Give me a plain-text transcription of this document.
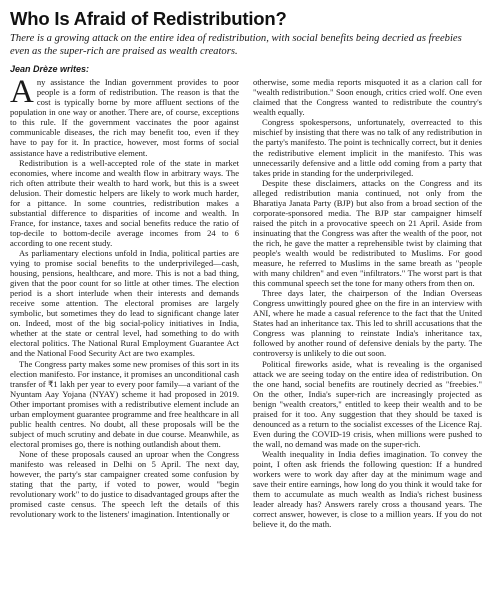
Who Is Afraid of Redistribution?

There is a growing attack on the entire idea of redistribution, with social benefits being decried as freebies even as the super-rich are praised as wealth creators.

Jean Drèze writes:

Any assistance the Indian government provides to poor people is a form of redistribution. The reason is that the cost is typically borne by more affluent sections of the population in one way or another. There are, of course, exceptions to this rule. If the government vaccinates the poor against communicable diseases, the rich may benefit too, even if they have to pay for it. In practice, however, most forms of social assistance have a redistributive element.

Redistribution is a well-accepted role of the state in market economies, where income and wealth flow in arbitrary ways. The rich often attribute their wealth to hard work, but this is a sweet delusion. Their domestic helpers are likely to work much harder, for a pittance. In some countries, redistribution makes a substantial difference to disparities of income and wealth. In France, for instance, taxes and social benefits reduce the ratio of top-decile to bottom-decile average incomes from 24 to 6 according to one recent study.

As parliamentary elections unfold in India, political parties are vying to promise social benefits to the underprivileged—cash, housing, pensions, healthcare, and more. This is not a bad thing, given that the poor count for so little at other times. The election period is a short interlude when their interests and demands receive some attention. The electoral promises are largely symbolic, but sometimes they do lead to significant change later on. Indeed, most of the big social-policy initiatives in India, whether at the state or central level, had something to do with electoral politics. The National Rural Employment Guarantee Act and the National Food Security Act are two examples.

The Congress party makes some new promises of this sort in its election manifesto. For instance, it promises an unconditional cash transfer of ₹1 lakh per year to every poor family—a variant of the Nyuntam Aay Yojana (NYAY) scheme it had proposed in 2019. Other important promises with a redistributive element include an urban employment guarantee programme and free healthcare in all public health centres. No doubt, all these proposals will be the subject of much scrutiny and debate in due course. Meanwhile, as electoral promises go, there is nothing outlandish about them.

None of these proposals caused an uproar when the Congress manifesto was released in Delhi on 5 April. The next day, however, the party's star campaigner created some confusion by stating that the party, if voted to power, would "begin revolutionary work" to do justice to disadvantaged groups after the promised caste census. The speech left the details of this revolutionary work to the listeners' imagination. Intentionally or

otherwise, some media reports misquoted it as a clarion call for "wealth redistribution." Soon enough, critics cried wolf. One even claimed that the Congress wanted to redistribute the country's wealth equally.

Congress spokespersons, unfortunately, overreacted to this mischief by insisting that there was no talk of any redistribution in the party's manifesto. The point is technically correct, but it denies the redistributive element implicit in the manifesto. This was unnecessarily defensive and a little odd coming from a party that takes pride in standing for the underprivileged.

Despite these disclaimers, attacks on the Congress and its alleged redistribution mania continued, not only from the Bharatiya Janata Party (BJP) but also from a broad section of the corporate-sponsored media. The BJP star campaigner himself raised the pitch in a provocative speech on 21 April. Aside from insinuating that the Congress was after the wealth of the poor, not the rich, he gave the matter a reprehensible twist by claiming that people's wealth would be redistributed to Muslims. For good measure, he referred to Muslims in the same breath as "people with many children" and even "infiltrators." The worst part is that this communal speech set the tone for many others from then on.

Three days later, the chairperson of the Indian Overseas Congress unwittingly poured ghee on the fire in an interview with ANI, where he made a casual reference to the fact that the United States had an inheritance tax. This led to shrill accusations that the Congress was planning to reinstate India's inheritance tax, followed by another round of defensive denials by the party. The controversy is unlikely to die out soon.

Political fireworks aside, what is revealing is the organised attack we are seeing today on the entire idea of redistribution. On the one hand, social benefits are routinely decried as "freebies." On the other, India's super-rich are increasingly projected as benign "wealth creators," entitled to keep their wealth and to be praised for it too. Any suggestion that they should be taxed is denounced as a return to the socialist excesses of the Licence Raj. Even during the COVID-19 crisis, when millions were pushed to the wall, no demand was made on the super-rich.

Wealth inequality in India defies imagination. To convey the point, I often ask friends the following question: If a hundred workers were to work day after day at the minimum wage and save their entire earnings, how long do you think it would take for them to accumulate as much wealth as India's richest business leader already has? Answers rarely cross a thousand years. The correct answer, however, is close to a million years. If you do not believe it, do the math.
